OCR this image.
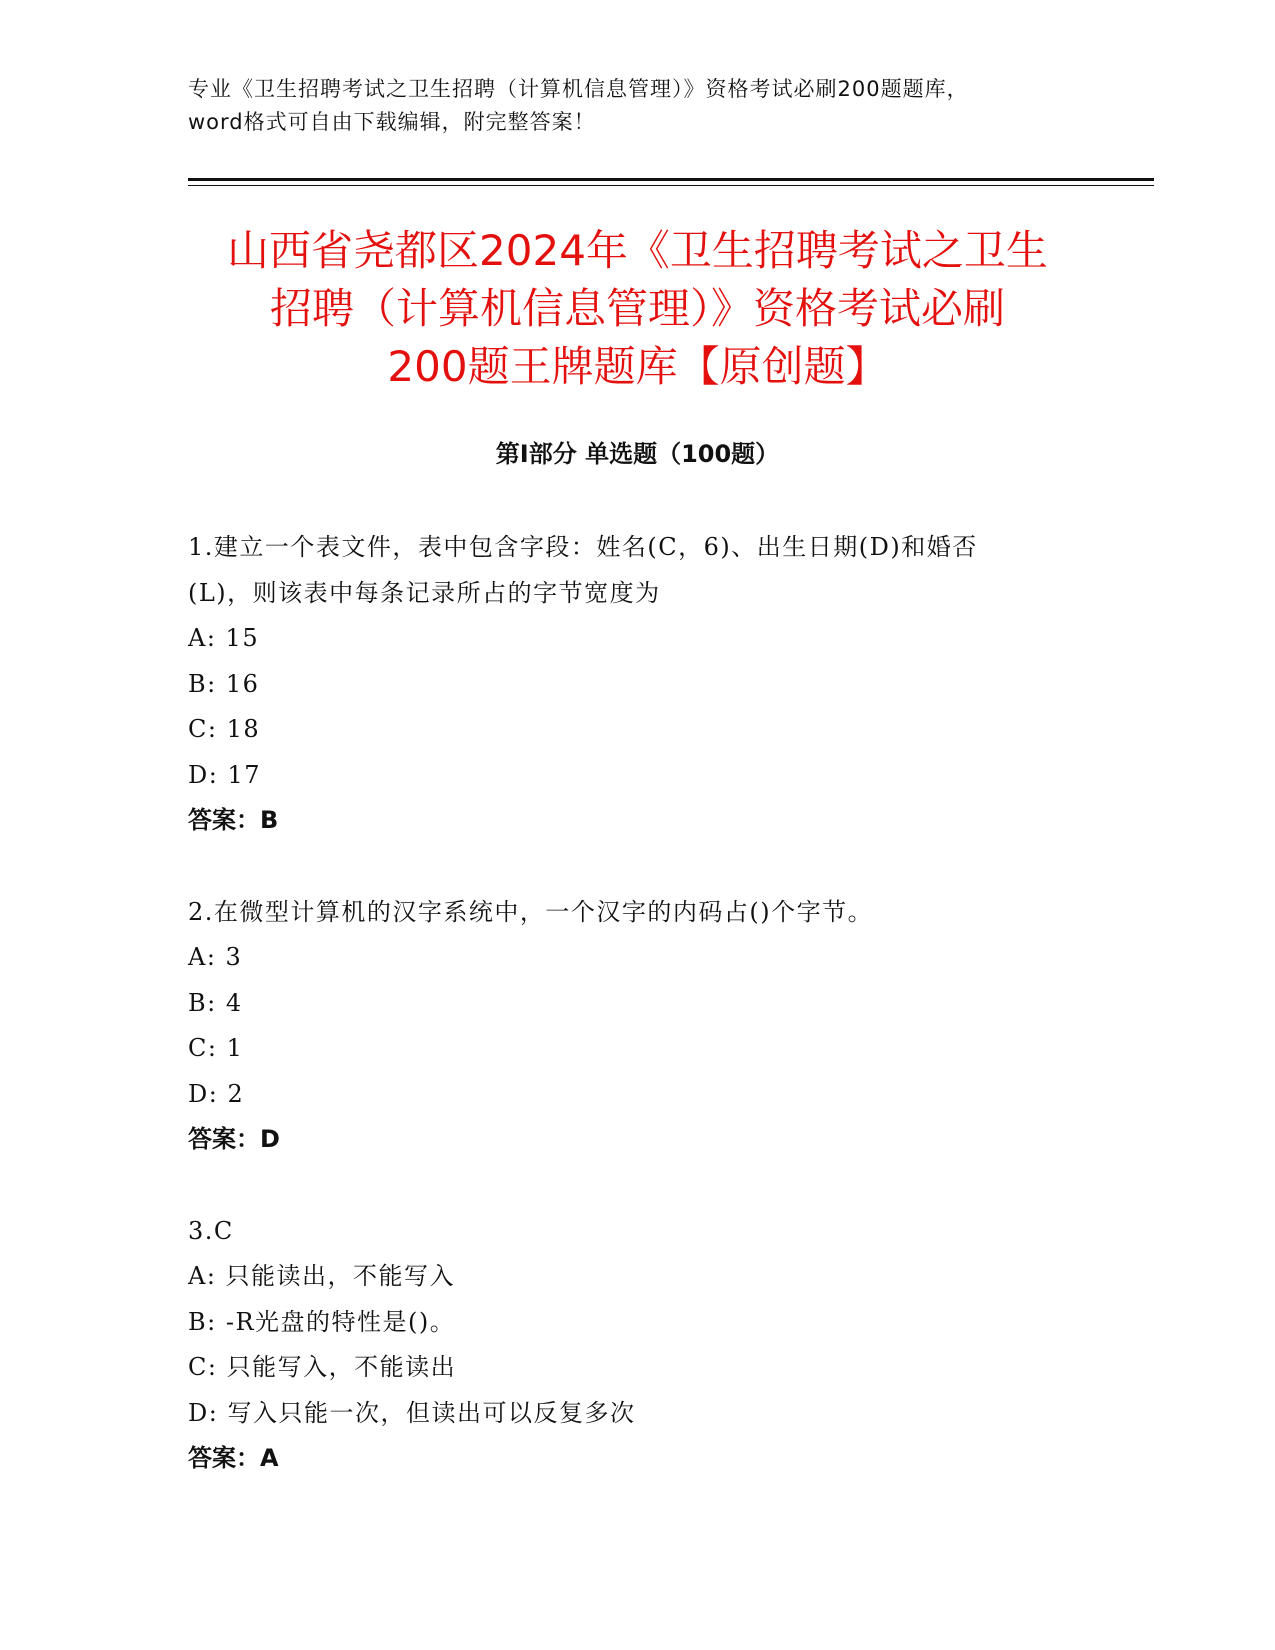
专业《卫生招聘考试之卫生招聘（计算机信息管理）》资格考试必刷200题题库，
word格式可自由下载编辑，附完整答案！
山西省尧都区2024年《卫生招聘考试之卫生
招聘（计算机信息管理）》资格考试必刷
200题王牌题库【原创题】
第Ⅰ部分 单选题（100题）

1.建立一个表文件，表中包含字段：姓名(C，6)、出生日期(D)和婚否

(L)，则该表中每条记录所占的字节宽度为

A: 15

B: 16

C: 18

D: 17

答案：B

2.在微型计算机的汉字系统中，一个汉字的内码占()个字节。

A: 3

B: 4

C: 1

D: 2

答案：D

3.C

A: 只能读出，不能写入

B: -R光盘的特性是()。

C: 只能写入，不能读出

D: 写入只能一次，但读出可以反复多次

答案：A
